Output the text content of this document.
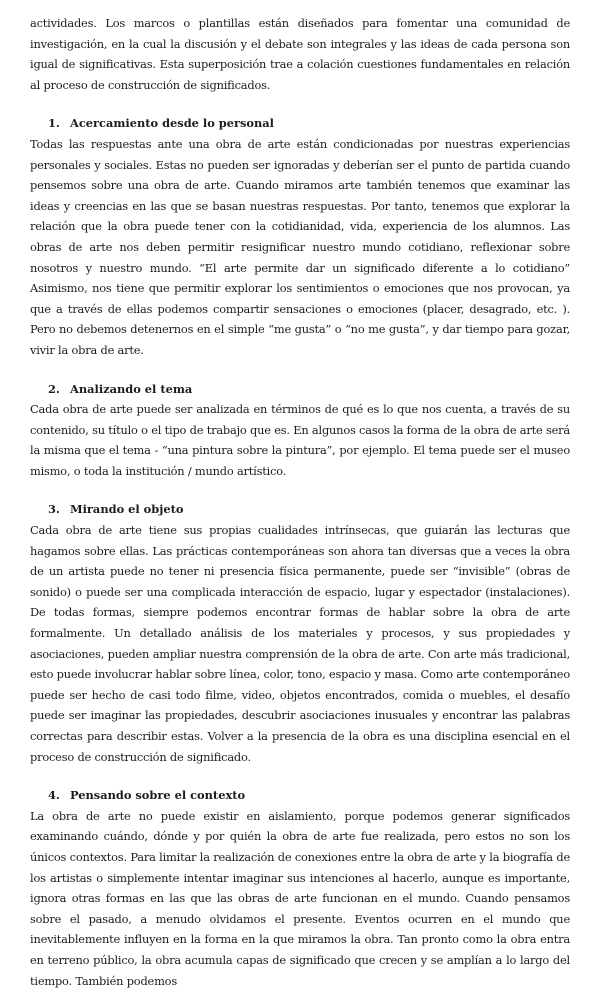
actividades. Los marcos o plantillas están diseñados para fomentar una comunidad de investigación, en la cual la discusión y el debate son integrales y las ideas de cada persona son igual de significativas. Esta superposición trae a colación cuestiones fundamentales en relación al proceso de construcción de significados.

1. Acercamiento desde lo personal

Todas las respuestas ante una obra de arte están condicionadas por nuestras experiencias personales y sociales. Estas no pueden ser ignoradas y deberían ser el punto de partida cuando pensemos sobre una obra de arte. Cuando miramos arte también tenemos que examinar las ideas y creencias en las que se basan nuestras respuestas. Por tanto, tenemos que explorar la relación que la obra puede tener con la cotidianidad, vida, experiencia de los alumnos. Las obras de arte nos deben permitir resignificar nuestro mundo cotidiano, reflexionar sobre nosotros y nuestro mundo. “El arte permite dar un significado diferente a lo cotidiano” Asimismo, nos tiene que permitir explorar los sentimientos o emociones que nos provocan, ya que a través de ellas podemos compartir sensaciones o emociones (placer, desagrado, etc. ). Pero no debemos detenernos en el simple “me gusta” o “no me gusta”, y dar tiempo para gozar, vivir la obra de arte.

2. Analizando el tema

Cada obra de arte puede ser analizada en términos de qué es lo que nos cuenta, a través de su contenido, su título o el tipo de trabajo que es. En algunos casos la forma de la obra de arte será la misma que el tema - “una pintura sobre la pintura”, por ejemplo. El tema puede ser el museo mismo, o toda la institución / mundo artístico.

3. Mirando el objeto

Cada obra de arte tiene sus propias cualidades intrínsecas, que guiarán las lecturas que hagamos sobre ellas. Las prácticas contemporáneas son ahora tan diversas que a veces la obra de un artista puede no tener ni presencia física permanente, puede ser “invisible” (obras de sonido) o puede ser una complicada interacción de espacio, lugar y espectador (instalaciones). De todas formas, siempre podemos encontrar formas de hablar sobre la obra de arte formalmente. Un detallado análisis de los materiales y procesos, y sus propiedades y asociaciones, pueden ampliar nuestra comprensión de la obra de arte. Con arte más tradicional, esto puede involucrar hablar sobre línea, color, tono, espacio y masa. Como arte contemporáneo puede ser hecho de casi todo filme, video, objetos encontrados, comida o muebles, el desafío puede ser imaginar las propiedades, descubrir asociaciones inusuales y encontrar las palabras correctas para describir estas. Volver a la presencia de la obra es una disciplina esencial en el proceso de construcción de significado.

4. Pensando sobre el contexto

La obra de arte no puede existir en aislamiento, porque podemos generar significados examinando cuándo, dónde y por quién la obra de arte fue realizada, pero estos no son los únicos contextos. Para limitar la realización de conexiones entre la obra de arte y la biografía de los artistas o simplemente intentar imaginar sus intenciones al hacerlo, aunque es importante, ignora otras formas en las que las obras de arte funcionan en el mundo. Cuando pensamos sobre el pasado, a menudo olvidamos el presente. Eventos ocurren en el mundo que inevitablemente influyen en la forma en la que miramos la obra. Tan pronto como la obra entra en terreno público, la obra acumula capas de significado que crecen y se amplían a lo largo del tiempo. También podemos
